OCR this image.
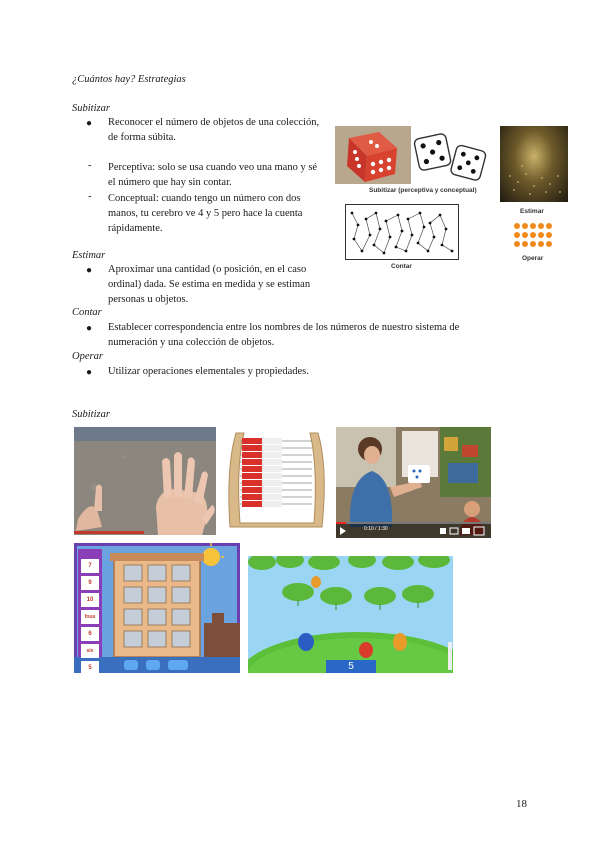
¿Cuántos hay? Estrategias
Subitizar
● Reconocer el número de objetos de una colección, de forma súbita.
- Perceptiva: solo se usa cuando veo una mano y sé el número que hay sin contar.
- Conceptual: cuando tengo un número con dos manos, tu cerebro ve 4 y 5 pero hace la cuenta rápidamente.
Estimar
● Aproximar una cantidad (o posición, en el caso ordinal) dada. Se estima en medida y se estiman personas u objetos.
Contar
● Establecer correspondencia entre los nombres de los números de nuestro sistema de numeración y una colección de objetos.
Operar
● Utilizar operaciones elementales y propiedades.
Subitizar (perceptiva y conceptual)
Estimar
Contar
Operar
Subitizar
0:10 / 1:30
7
9
10
fous
6
six
5	5
18
